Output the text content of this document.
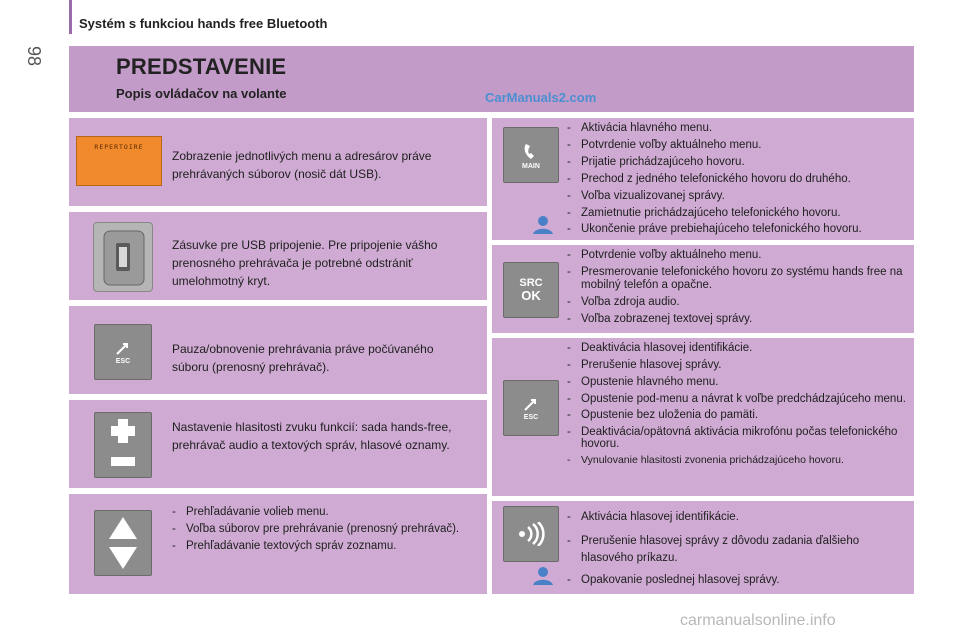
Systém s funkciou hands free Bluetooth
98	PREDSTAVENIE
Popis ovládačov na volante	CarManuals2.com
REPERTOIRE
Zobrazenie jednotlivých menu a adresárov práve prehrávaných súborov (nosič dát USB).
Zásuvke pre USB pripojenie. Pre pripojenie vášho prenosného prehrávača je potrebné odstrániť umelohmotný kryt.
ESC
Pauza/obnovenie prehrávania práve počúvaného súboru (prenosný prehrávač).
Nastavenie hlasitosti zvuku funkcií: sada hands-free, prehrávač audio a textových správ, hlasové oznamy.
- Prehľadávanie volieb menu.
- Voľba súborov pre prehrávanie (prenosný prehrávač).
- Prehľadávanie textových správ zoznamu.
MAIN
- Aktivácia hlavného menu.
- Potvrdenie voľby aktuálneho menu.
- Prijatie prichádzajúceho hovoru.
- Prechod z jedného telefonického hovoru do druhého.
- Voľba vizualizovanej správy.
- Zamietnutie prichádzajúceho telefonického hovoru.
- Ukončenie práve prebiehajúceho telefonického hovoru.
SRC
OK
- Potvrdenie voľby aktuálneho menu.
- Presmerovanie telefonického hovoru zo systému hands free na mobilný telefón a opačne.
- Voľba zdroja audio.
- Voľba zobrazenej textovej správy.
ESC
- Deaktivácia hlasovej identifikácie.
- Prerušenie hlasovej správy.
- Opustenie hlavného menu.
- Opustenie pod-menu a návrat k voľbe predchádzajúceho menu.
- Opustenie bez uloženia do pamäti.
- Deaktivácia/opätovná aktivácia mikrofónu počas telefonického hovoru.
- Vynulovanie hlasitosti zvonenia prichádzajúceho hovoru.
- Aktivácia hlasovej identifikácie.
- Prerušenie hlasovej správy z dôvodu zadania ďalšieho hlasového príkazu.
- Opakovanie poslednej hlasovej správy.
carmanualsonline.info
